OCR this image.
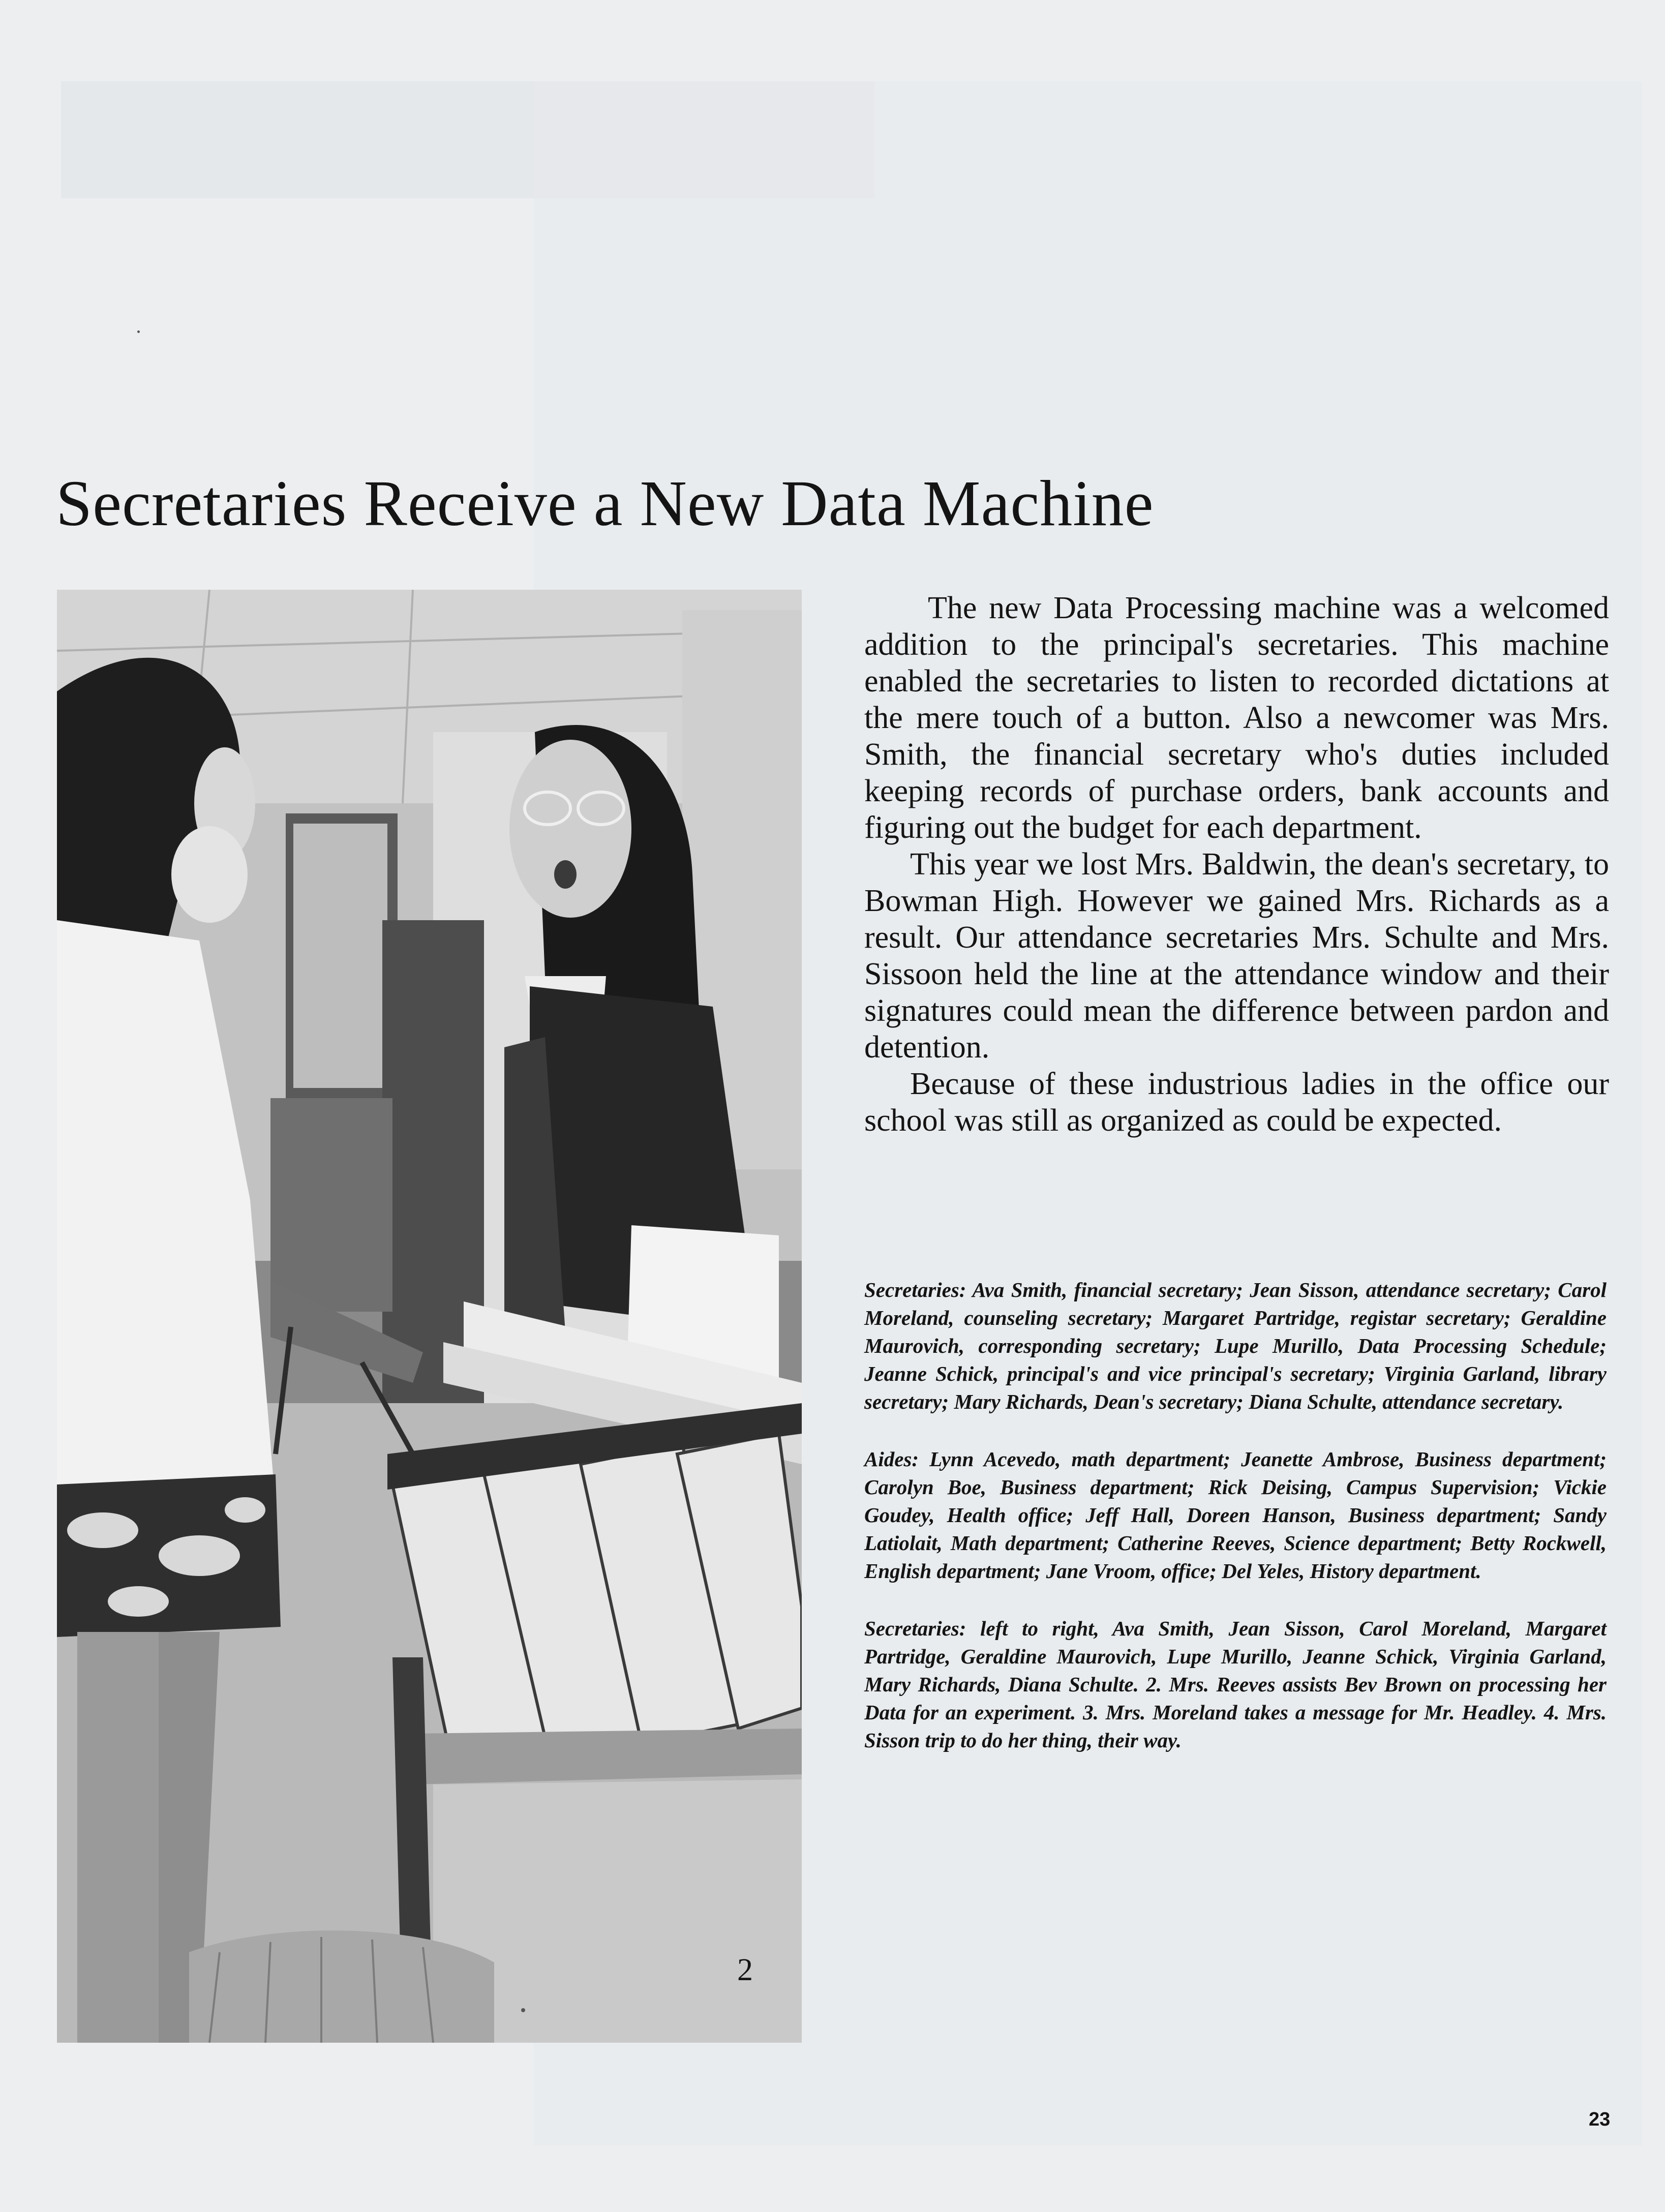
Secretaries Receive a New Data Machine

The new Data Processing machine was a welcomed addition to the principal's secretaries. This machine enabled the secretaries to listen to recorded dictations at the mere touch of a button. Also a newcomer was Mrs. Smith, the financial secretary who's duties included keeping records of purchase orders, bank accounts and figuring out the budget for each department.

This year we lost Mrs. Baldwin, the dean's secretary, to Bowman High. However we gained Mrs. Richards as a result. Our attendance secretaries Mrs. Schulte and Mrs. Sissoon held the line at the attendance window and their signatures could mean the difference between pardon and detention.

Because of these industrious ladies in the office our school was still as organized as could be expected.

Secretaries: Ava Smith, financial secretary; Jean Sisson, attendance secretary; Carol Moreland, counseling secretary; Margaret Partridge, registar secretary; Geraldine Maurovich, corresponding secretary; Lupe Murillo, Data Processing Schedule; Jeanne Schick, principal's and vice principal's secretary; Virginia Garland, library secretary; Mary Richards, Dean's secretary; Diana Schulte, attendance secretary.

Aides: Lynn Acevedo, math department; Jeanette Ambrose, Business department; Carolyn Boe, Business department; Rick Deising, Campus Supervision; Vickie Goudey, Health office; Jeff Hall, Doreen Hanson, Business department; Sandy Latiolait, Math department; Catherine Reeves, Science department; Betty Rockwell, English department; Jane Vroom, office; Del Yeles, History department.

Secretaries: left to right, Ava Smith, Jean Sisson, Carol Moreland, Margaret Partridge, Geraldine Maurovich, Lupe Murillo, Jeanne Schick, Virginia Garland, Mary Richards, Diana Schulte. 2. Mrs. Reeves assists Bev Brown on processing her Data for an experiment. 3. Mrs. Moreland takes a message for Mr. Headley. 4. Mrs. Sisson trip to do her thing, their way.

2
23
